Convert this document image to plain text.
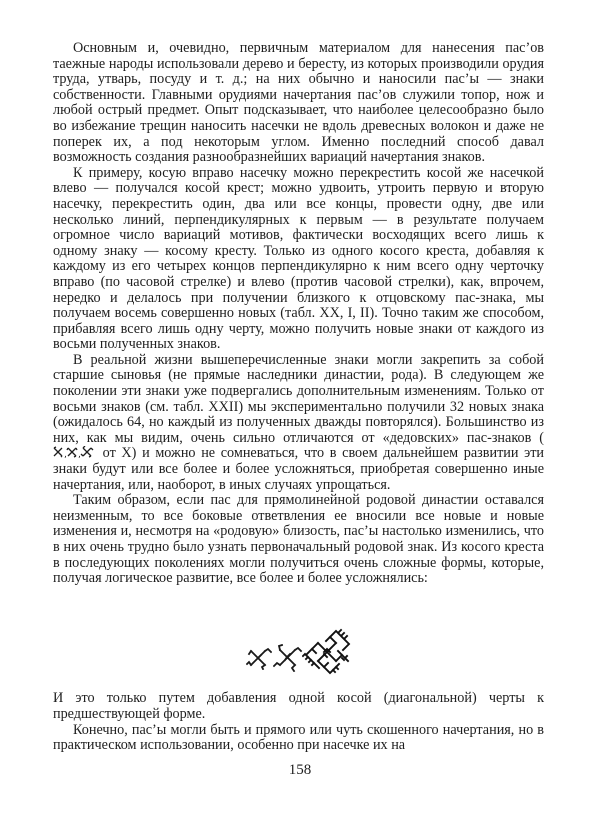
Основным и, очевидно, первичным материалом для нанесения пас’ов таежные народы использовали дерево и бересту, из которых производили орудия труда, утварь, посуду и т. д.; на них обычно и наносили пас’ы — знаки собственности. Главными орудиями начертания пас’ов служили топор, нож и любой острый предмет. Опыт подсказывает, что наиболее целесообразно было во избежание трещин наносить насечки не вдоль древесных волокон и даже не поперек их, а под некоторым углом. Именно последний способ давал возможность создания разнообразнейших вариаций начертания знаков.

К примеру, косую вправо насечку можно перекрестить косой же насечкой влево — получался косой крест; можно удвоить, утроить первую и вторую насечку, перекрестить один, два или все концы, провести одну, две или несколько линий, перпендикулярных к первым — в результате получаем огромное число вариаций мотивов, фактически восходящих всего лишь к одному знаку — косому кресту. Только из одного косого креста, добавляя к каждому из его четырех концов перпендикулярно к ним всего одну черточку вправо (по часовой стрелке) и влево (против часовой стрелки), как, впрочем, нередко и делалось при получении близкого к отцовскому пас-знака, мы получаем восемь совершенно новых (табл. XX, I, II). Точно таким же способом, прибавляя всего лишь одну черту, можно получить новые знаки от каждого из восьми полученных знаков.

В реальной жизни вышеперечисленные знаки могли закрепить за собой старшие сыновья (не прямые наследники династии, рода). В следующем же поколении эти знаки уже подвергались дополнительным изменениям. Только от восьми знаков (см. табл. XXII) мы экспериментально получили 32 новых знака (ожидалось 64, но каждый из полученных дважды повторялся). Большинство из них, как мы видим, очень сильно отличаются от «дедовских» пас-знаков (
, , от X) и можно не сомневаться, что в своем дальнейшем развитии эти знаки будут или все более и более усложняться, приобретая совершенно иные начертания, или, наоборот, в иных случаях упрощаться.

Таким образом, если пас для прямолинейной родовой династии оставался неизменным, то все боковые ответвления ее вносили все новые и новые изменения и, несмотря на «родовую» близость, пас’ы настолько изменились, что в них очень трудно было узнать первоначальный родовой знак. Из косого креста в последующих поколениях могли получиться очень сложные формы, которые, получая логическое развитие, все более и более усложнялись:

И это только путем добавления одной косой (диагональной) черты к предшествующей форме.

Конечно, пас’ы могли быть и прямого или чуть скошенного начертания, но в практическом использовании, особенно при насечке их на

158
